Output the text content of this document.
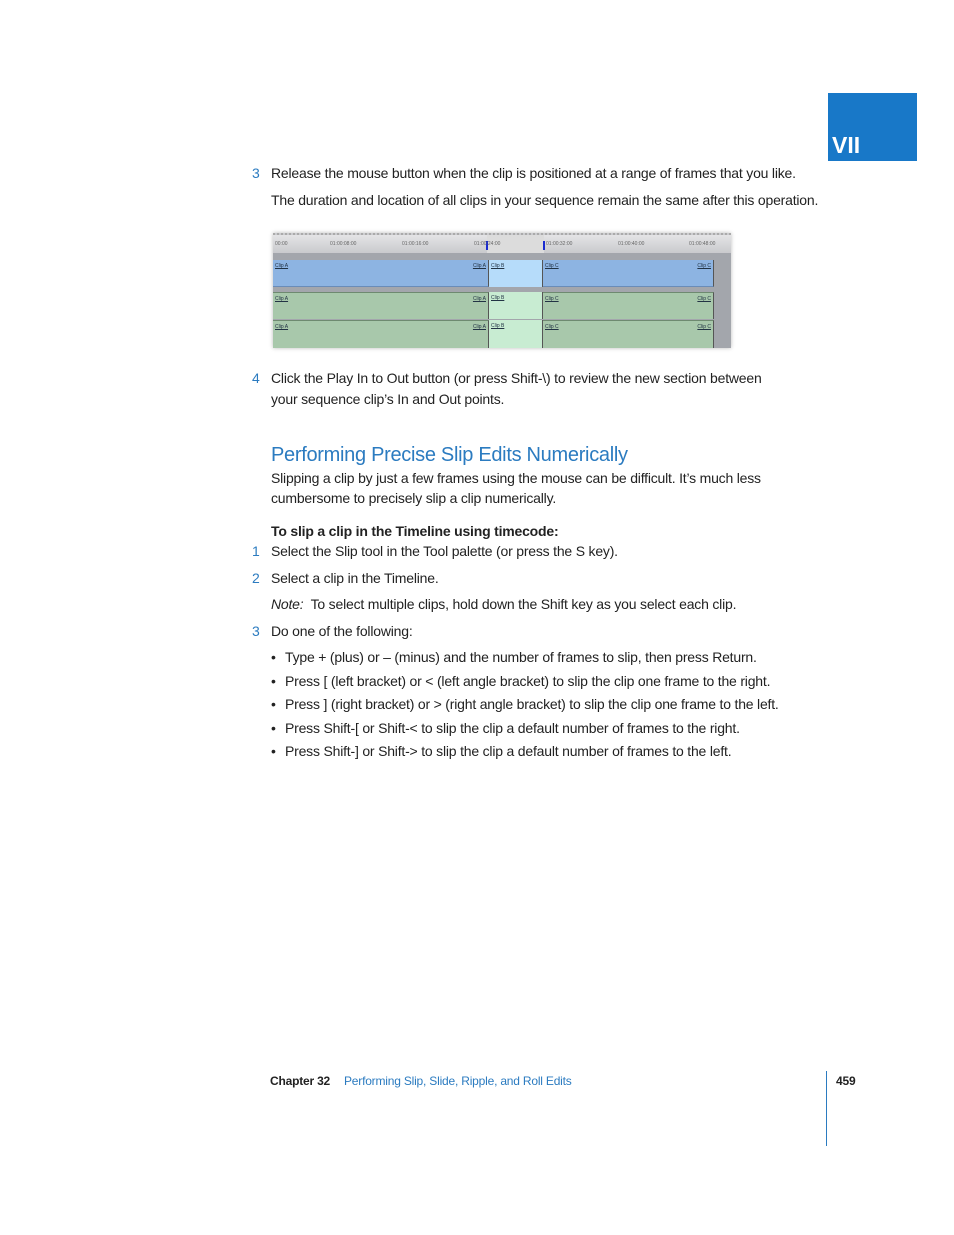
VII
3 Release the mouse button when the clip is positioned at a range of frames that you like.
The duration and location of all clips in your sequence remain the same after this operation.
00:00	01:00:08:00	01:00:16:00	01:00:24:00	01:00:32:00	01:00:40:00	01:00:48:00
Clip A	Clip A Clip B	Clip C	Clip C
Clip A	Clip A Clip B	Clip C	Clip C
Clip A	Clip A Clip B	Clip C	Clip C
4 Click the Play In to Out button (or press Shift-\) to review the new section between
your sequence clip’s In and Out points.
Performing Precise Slip Edits Numerically
Slipping a clip by just a few frames using the mouse can be difficult. It’s much less
cumbersome to precisely slip a clip numerically.
To slip a clip in the Timeline using timecode:
1 Select the Slip tool in the Tool palette (or press the S key).
2 Select a clip in the Timeline.
Note: To select multiple clips, hold down the Shift key as you select each clip.
3 Do one of the following:
• Type + (plus) or – (minus) and the number of frames to slip, then press Return.
• Press [ (left bracket) or < (left angle bracket) to slip the clip one frame to the right.
• Press ] (right bracket) or > (right angle bracket) to slip the clip one frame to the left.
• Press Shift-[ or Shift-< to slip the clip a default number of frames to the right.
• Press Shift-] or Shift-> to slip the clip a default number of frames to the left.
Chapter 32 Performing Slip, Slide, Ripple, and Roll Edits	459
